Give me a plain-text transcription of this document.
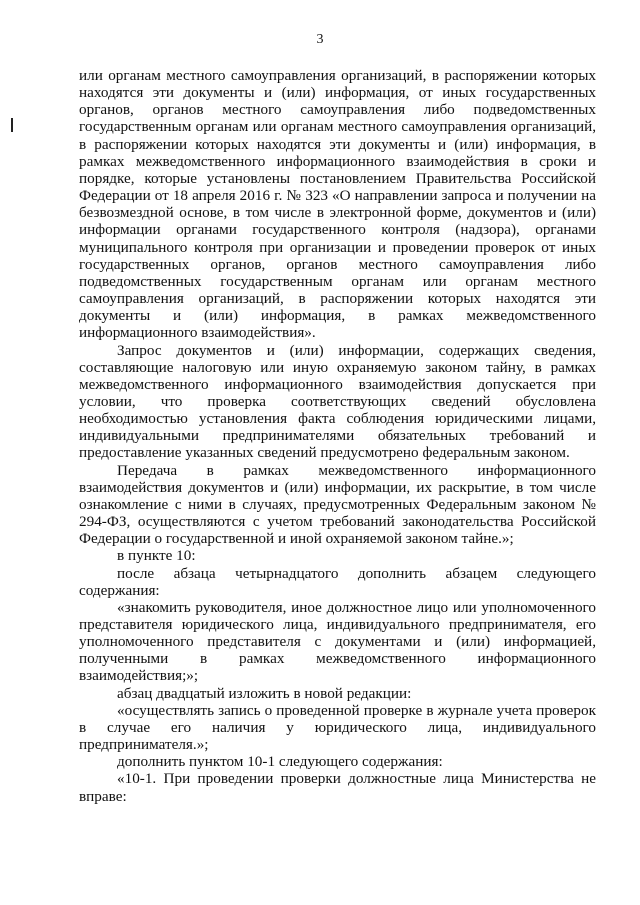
3

или органам местного самоуправления организаций, в распоряжении которых находятся эти документы и (или) информация, от иных государственных органов, органов местного самоуправления либо подведомственных государственным органам или органам местного самоуправления организаций, в распоряжении которых находятся эти документы и (или) информация, в рамках межведомственного информационного взаимодействия в сроки и порядке, которые установлены постановлением Правительства Российской Федерации от 18 апреля 2016 г. № 323 «О направлении запроса и получении на безвозмездной основе, в том числе в электронной форме, документов и (или) информации органами государственного контроля (надзора), органами муниципального контроля при организации и проведении проверок от иных государственных органов, органов местного самоуправления либо подведомственных государственным органам или органам местного самоуправления организаций, в распоряжении которых находятся эти документы и (или) информация, в рамках межведомственного информационного взаимодействия».

Запрос документов и (или) информации, содержащих сведения, составляющие налоговую или иную охраняемую законом тайну, в рамках межведомственного информационного взаимодействия допускается при условии, что проверка соответствующих сведений обусловлена необходимостью установления факта соблюдения юридическими лицами, индивидуальными предпринимателями обязательных требований и предоставление указанных сведений предусмотрено федеральным законом.

Передача в рамках межведомственного информационного взаимодействия документов и (или) информации, их раскрытие, в том числе ознакомление с ними в случаях, предусмотренных Федеральным законом № 294-ФЗ, осуществляются с учетом требований законодательства Российской Федерации о государственной и иной охраняемой законом тайне.»;

в пункте 10:

после абзаца четырнадцатого дополнить абзацем следующего содержания:

«знакомить руководителя, иное должностное лицо или уполномоченного представителя юридического лица, индивидуального предпринимателя, его уполномоченного представителя с документами и (или) информацией, полученными в рамках межведомственного информационного взаимодействия;»;

абзац двадцатый изложить в новой редакции:

«осуществлять запись о проведенной проверке в журнале учета проверок в случае его наличия у юридического лица, индивидуального предпринимателя.»;

дополнить пунктом 10-1 следующего содержания:

«10-1. При проведении проверки должностные лица Министерства не вправе:
